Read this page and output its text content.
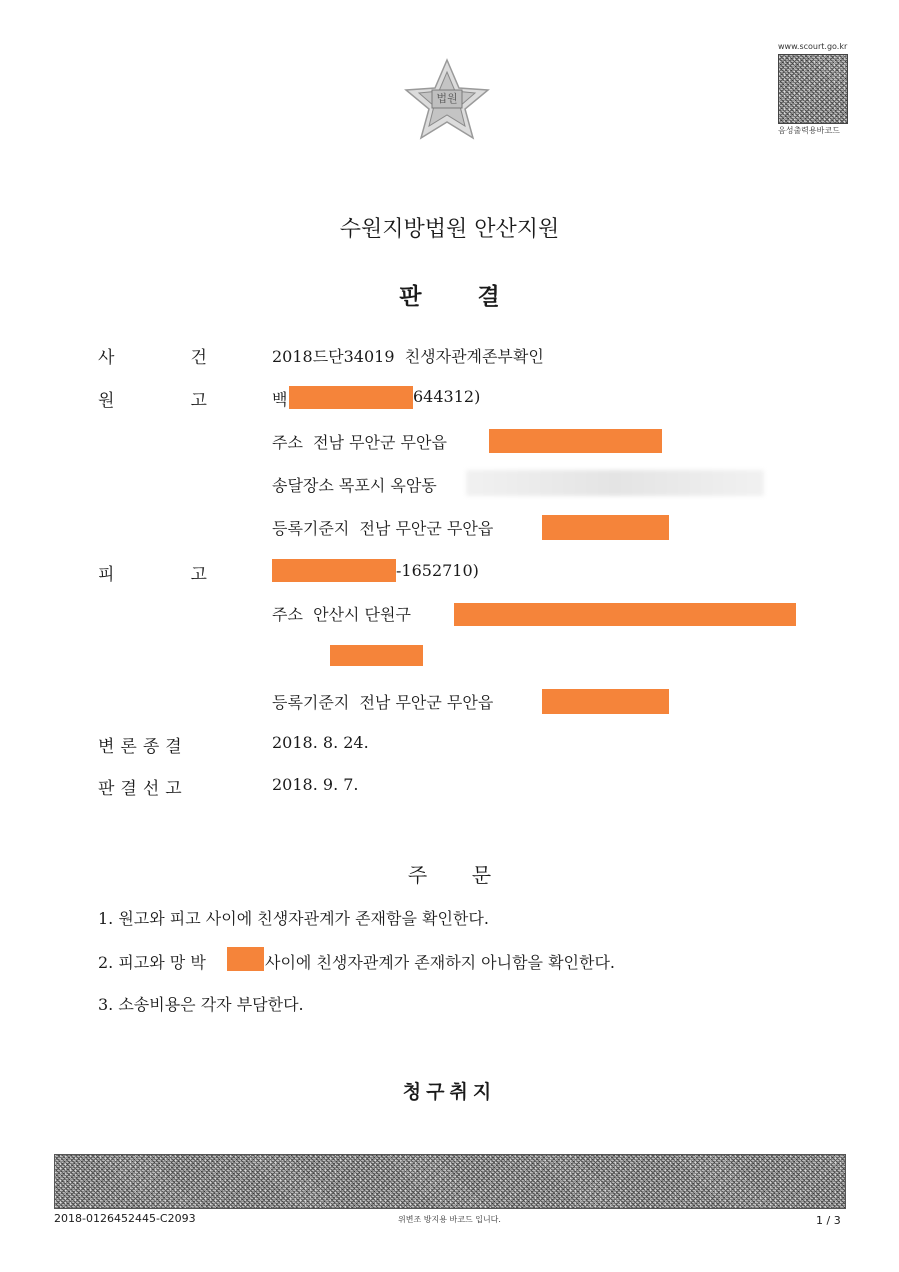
법원
www.scourt.go.kr
음성출력용바코드
수원지방법원 안산지원
판       결
사          건	2018드단34019  친생자관계존부확인
원          고	백	644312)
주소  전남 무안군 무안읍
송달장소 목포시 옥암동
등록기준지  전남 무안군 무안읍
피          고	-1652710)
주소  안산시 단원구
등록기준지  전남 무안군 무안읍
변론종결	2018. 8. 24.
판결선고	2018. 9. 7.
주       문
1. 원고와 피고 사이에 친생자관계가 존재함을 확인한다.
2. 피고와 망 박	사이에 친생자관계가 존재하지 아니함을 확인한다.
3. 소송비용은 각자 부담한다.
청구취지
2018-0126452445-C2093	위변조 방지용 바코드 입니다.	1 / 3
